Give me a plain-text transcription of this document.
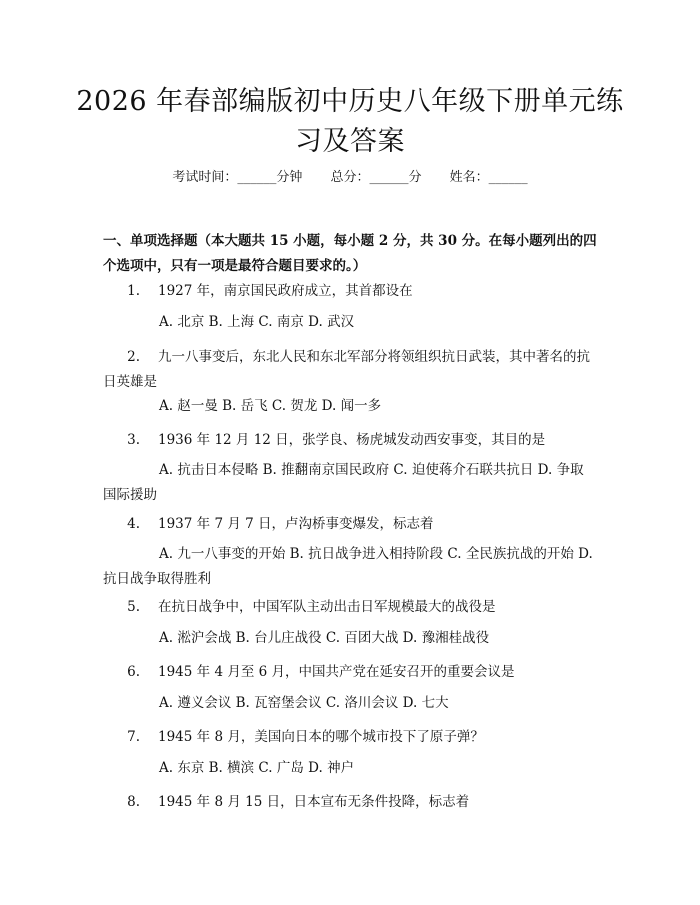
2026 年春部编版初中历史八年级下册单元练
习及答案
考试时间：______分钟 总分：______分 姓名：______
一、单项选择题（本大题共 15 小题，每小题 2 分，共 30 分。在每小题列出的四个选项中，只有一项是最符合题目要求的。）
1. 1927 年，南京国民政府成立，其首都设在
A. 北京 B. 上海 C. 南京 D. 武汉
2. 九一八事变后，东北人民和东北军部分将领组织抗日武装，其中著名的抗日英雄是
A. 赵一曼 B. 岳飞 C. 贺龙 D. 闻一多
3. 1936 年 12 月 12 日，张学良、杨虎城发动西安事变，其目的是
A. 抗击日本侵略 B. 推翻南京国民政府 C. 迫使蒋介石联共抗日 D. 争取国际援助
4. 1937 年 7 月 7 日，卢沟桥事变爆发，标志着
A. 九一八事变的开始 B. 抗日战争进入相持阶段 C. 全民族抗战的开始 D. 抗日战争取得胜利
5. 在抗日战争中，中国军队主动出击日军规模最大的战役是
A. 淞沪会战 B. 台儿庄战役 C. 百团大战 D. 豫湘桂战役
6. 1945 年 4 月至 6 月，中国共产党在延安召开的重要会议是
A. 遵义会议 B. 瓦窑堡会议 C. 洛川会议 D. 七大
7. 1945 年 8 月，美国向日本的哪个城市投下了原子弹？
A. 东京 B. 横滨 C. 广岛 D. 神户
8. 1945 年 8 月 15 日，日本宣布无条件投降，标志着
